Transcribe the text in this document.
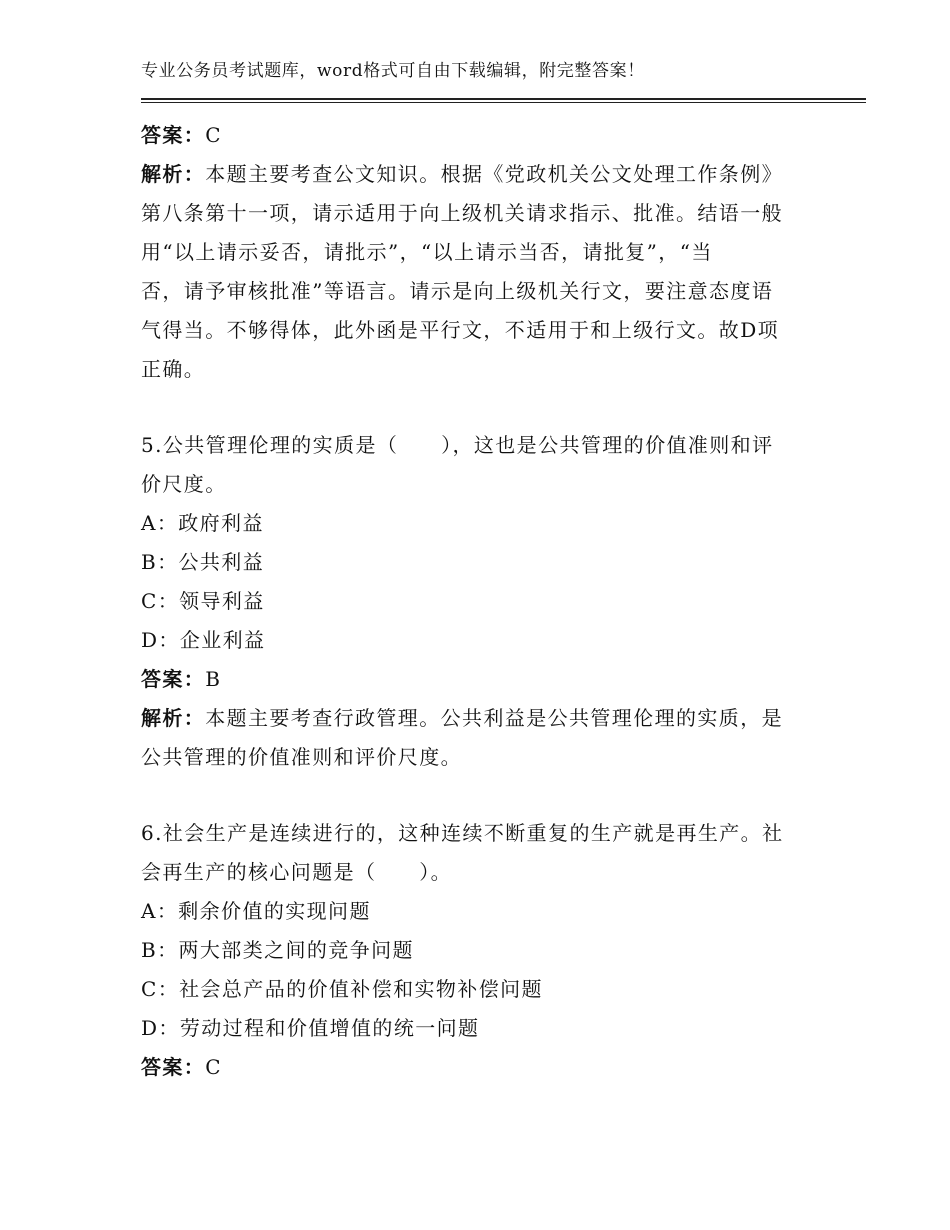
专业公务员考试题库，word格式可自由下载编辑，附完整答案！
答案：C
解析：本题主要考查公文知识。根据《党政机关公文处理工作条例》
第八条第十一项，请示适用于向上级机关请求指示、批准。结语一般
用“以上请示妥否，请批示”，“以上请示当否，请批复”，“当
否，请予审核批准”等语言。请示是向上级机关行文，要注意态度语
气得当。不够得体，此外函是平行文，不适用于和上级行文。故D项
正确。
5.公共管理伦理的实质是（　　），这也是公共管理的价值准则和评
价尺度。
A：政府利益
B：公共利益
C：领导利益
D：企业利益
答案：B
解析：本题主要考查行政管理。公共利益是公共管理伦理的实质，是
公共管理的价值准则和评价尺度。
6.社会生产是连续进行的，这种连续不断重复的生产就是再生产。社
会再生产的核心问题是（　　）。
A：剩余价值的实现问题
B：两大部类之间的竞争问题
C：社会总产品的价值补偿和实物补偿问题
D：劳动过程和价值增值的统一问题
答案：C
